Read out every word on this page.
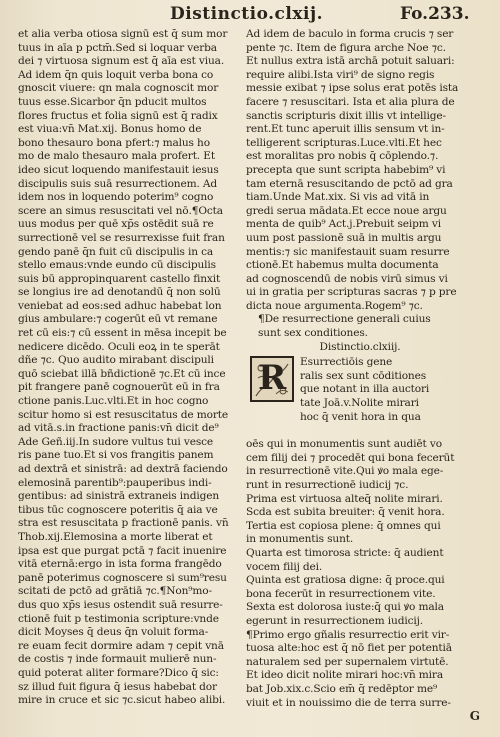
Distinctio.clxij.	Fo.233.
et alia verba otiosa signū est q̄ sum mor
tuus in aīa p pctm̄.Sed si loquar verba
dei ⁊ virtuosa signum est q̄ aīa est viua.
Ad idem q̄n quis loquit verba bona co
gnoscit viuere: qn mala cognoscit mor
tuus esse.Sicarbor q̄n pducit multos
flores fructus et folia signū est q̄ radix
est viua:vn̄ Mat.xij. Bonus homo de
bono thesauro bona pfert:⁊ malus ho
mo de malo thesauro mala profert. Et
ideo sicut loquendo manifestauit iesus
discipulis suis suā resurrectionem. Ad
idem nos in loquendo poterim⁹ cogno
scere an simus resuscitati vel nō.¶Octa
uus modus per quē xp̄s ostēdit suā re
surrectionē vel se resurrexisse fuit fran
gendo panē q̄n fuit cū discipulis in ca
stello emaus:vnde eundo cū discipulis
suis bū appropinquarent castello finxit
se longius ire ad denotandū q̄ non solū
veniebat ad eos:sed adhuc habebat lon
gius ambulare:⁊ cogerūt eū vt remane
ret cū eis:⁊ cū essent in mēsa incepit be
nedicere dicēdo. Oculi eoꝝ in te sperāt
dñe ⁊c. Quo audito mirabant̄ discipuli
quō sciebat illā bñdictionē ⁊c.Et cū ince
pit frangere panē cognouerūt eū in fra
ctione panis.Luc.vlti.Et in hoc cogno
scitur homo si est resuscitatus de morte
ad vitā.s.in fractione panis:vn̄ dicit de⁹
Ad̄e Geñ.iij.In sudore vultus tui vesce
ris pane tuo.Et si vos frangitis panem
ad dextrā et sinistrā: ad dextrā faciendo
elemosinā parentib⁹:pauperibus indi-
gentibus: ad sinistrā extraneis indigen
tibus tūc cognoscere poteritis q̄ aia ve
stra est resuscitata p fractionē panis. vn̄
Thob.xij.Elemosina a morte liberat et
ipsa est que purgat pctā ⁊ facit inuenire
vitā eternā:ergo in ista forma frangēdo
panē poterimus cognoscere si sum⁹resu
scitati de pctō ad grātiā ⁊c.¶Non⁹mo-
dus quo xp̄s iesus ostendit suā resurre-
ctionē fuit p testimonia scripture:vnde
dicit Moyses q̄ deus q̄n voluit forma-
re euam fecit dormire adam ⁊ cepit vnā
de costis ⁊ inde formauit mulierē nun-
quid poterat aliter formare?Dico q̄ sic:
sz illud fuit figura q̄ iesus habebat dor
mire in cruce et sic ⁊c.sicut habeo alibi.
Ad idem de baculo in forma crucis ⁊ ser
pente ⁊c. Item de figura arche Noe ⁊c.
Et nullus extra istā archā potuit saluari:
require alibi.Ista viri⁹ de signo regis
messie exibat ⁊ ipse solus erat potēs ista
facere ⁊ resuscitari. Ista et alia plura de
sanctis scripturis dixit illis vt intellige-
rent.Et tunc aperuit illis sensum vt in-
telligerent scripturas.Luce.vlti.Et hec
est moralitas pro nobis q̄ cōplendo.⁊.
precepta que sunt scripta habebim⁹ vi
tam eternā resuscitando de pctō ad gra
tiam.Unde Mat.xix. Si vis ad vitā in
gredi serua mādata.Et ecce noue argu
menta de quib⁹ Act.j.Prebuit seipm vi
uum post passionē suā in multis argu
mentis:⁊ sic manifestauit suam resurre
ctionē.Et habemus multa documenta
ad cognoscendū de nobis virū simus vi
ui in gratia per scripturas sacras ⁊ p pre
dicta noue argumenta.Rogem⁹ ⁊c.
¶De resurrectione generali cuius
sunt sex conditiones.
Distinctio.clxiij.
R Esurrectiōis gene
ralis sex sunt cōditiones
que notant̄ in illa auctori
tate Joā.v.Nolite mirari
hoc q̄ venit hora in qua
oēs qui in monumentis sunt audiēt vo
cem filij dei ⁊ procedēt qui bona fecerūt
in resurrectionē vite.Qui ꝟo mala ege-
runt in resurrectionē iudicij ⁊c.
Prima est virtuosa alteq̄ nolite mirari.
Scda est subita breuiter: q̄ venit hora.
Tertia est copiosa plene: q̄ omnes qui
in monumentis sunt.
Quarta est timorosa stricte: q̄ audient
vocem filij dei.
Quinta est gratiosa digne: q̄ proce.qui
bona fecerūt in resurrectionem vite.
Sexta est dolorosa iuste:q̄ qui ꝟo mala
egerunt in resurrectionem iudicij.
¶Primo ergo gñalis resurrectio erit vir-
tuosa alte:hoc est q̄ nō fiet per potentiā
naturalem sed per supernalem virtutē.
Et ideo dicit nolite mirari hoc:vn̄ mira
bat Job.xix.c.Scio em̄ q̄ redēptor me⁹
viuit et in nouissimo die de terra surre-
G
